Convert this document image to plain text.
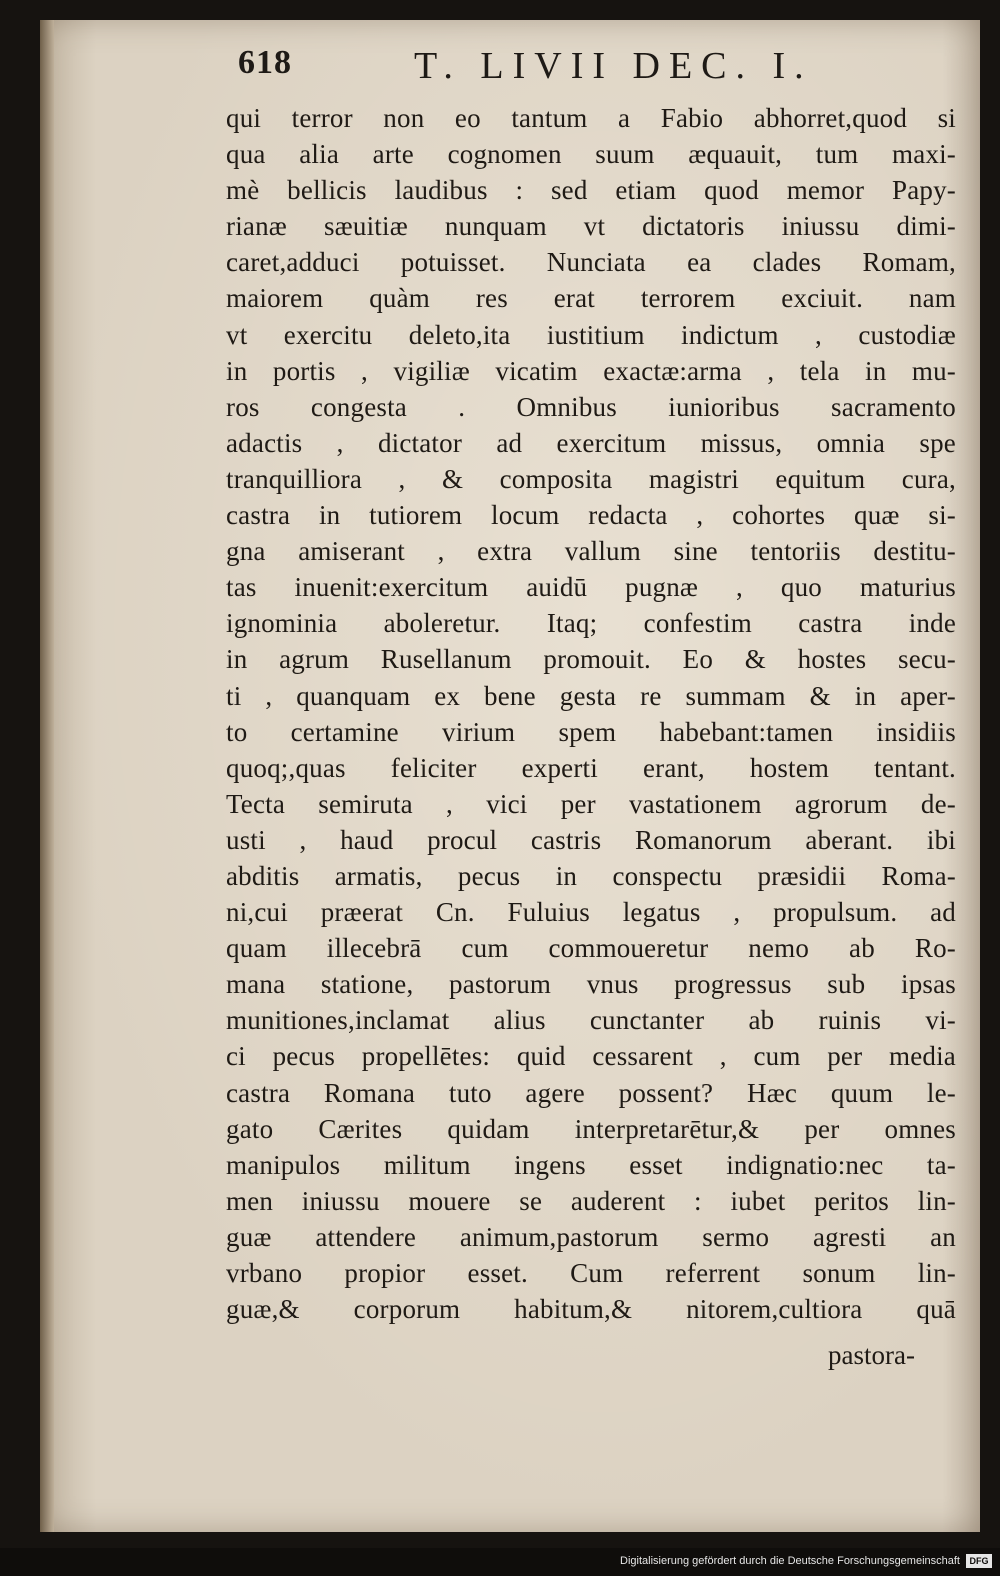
618	T. LIVII DEC. I.
qui terror non eo tantum a Fabio abhorret,quod si
qua alia arte cognomen suum æquauit, tum maxi-
mè bellicis laudibus : sed etiam quod memor Papy-
rianæ sæuitiæ nunquam vt dictatoris iniussu dimi-
caret,adduci potuisset. Nunciata ea clades Romam,
maiorem quàm res erat terrorem exciuit. nam
vt exercitu deleto,ita iustitium indictum , custodiæ
in portis , vigiliæ vicatim exactæ:arma , tela in mu-
ros congesta . Omnibus iunioribus sacramento
adactis , dictator ad exercitum missus, omnia spe
tranquilliora , & composita magistri equitum cura,
castra in tutiorem locum redacta , cohortes quæ si-
gna amiserant , extra vallum sine tentoriis destitu-
tas inuenit:exercitum auidū pugnæ , quo maturius
ignominia aboleretur. Itaq; confestim castra inde
in agrum Rusellanum promouit. Eo & hostes secu-
ti , quanquam ex bene gesta re summam & in aper-
to certamine virium spem habebant:tamen insidiis
quoq;,quas feliciter experti erant, hostem tentant.
Tecta semiruta , vici per vastationem agrorum de-
usti , haud procul castris Romanorum aberant. ibi
abditis armatis, pecus in conspectu præsidii Roma-
ni,cui præerat Cn. Fuluius legatus , propulsum. ad
quam illecebrā cum commoueretur nemo ab Ro-
mana statione, pastorum vnus progressus sub ipsas
munitiones,inclamat alius cunctanter ab ruinis vi-
ci pecus propellētes: quid cessarent , cum per media
castra Romana tuto agere possent? Hæc quum le-
gato Cærites quidam interpretarētur,& per omnes
manipulos militum ingens esset indignatio:nec ta-
men iniussu mouere se auderent : iubet peritos lin-
guæ attendere animum,pastorum sermo agresti an
vrbano propior esset. Cum referrent sonum lin-
guæ,& corporum habitum,& nitorem,cultiora quā
pastora-
Digitalisierung gefördert durch die Deutsche Forschungsgemeinschaft	DFG
